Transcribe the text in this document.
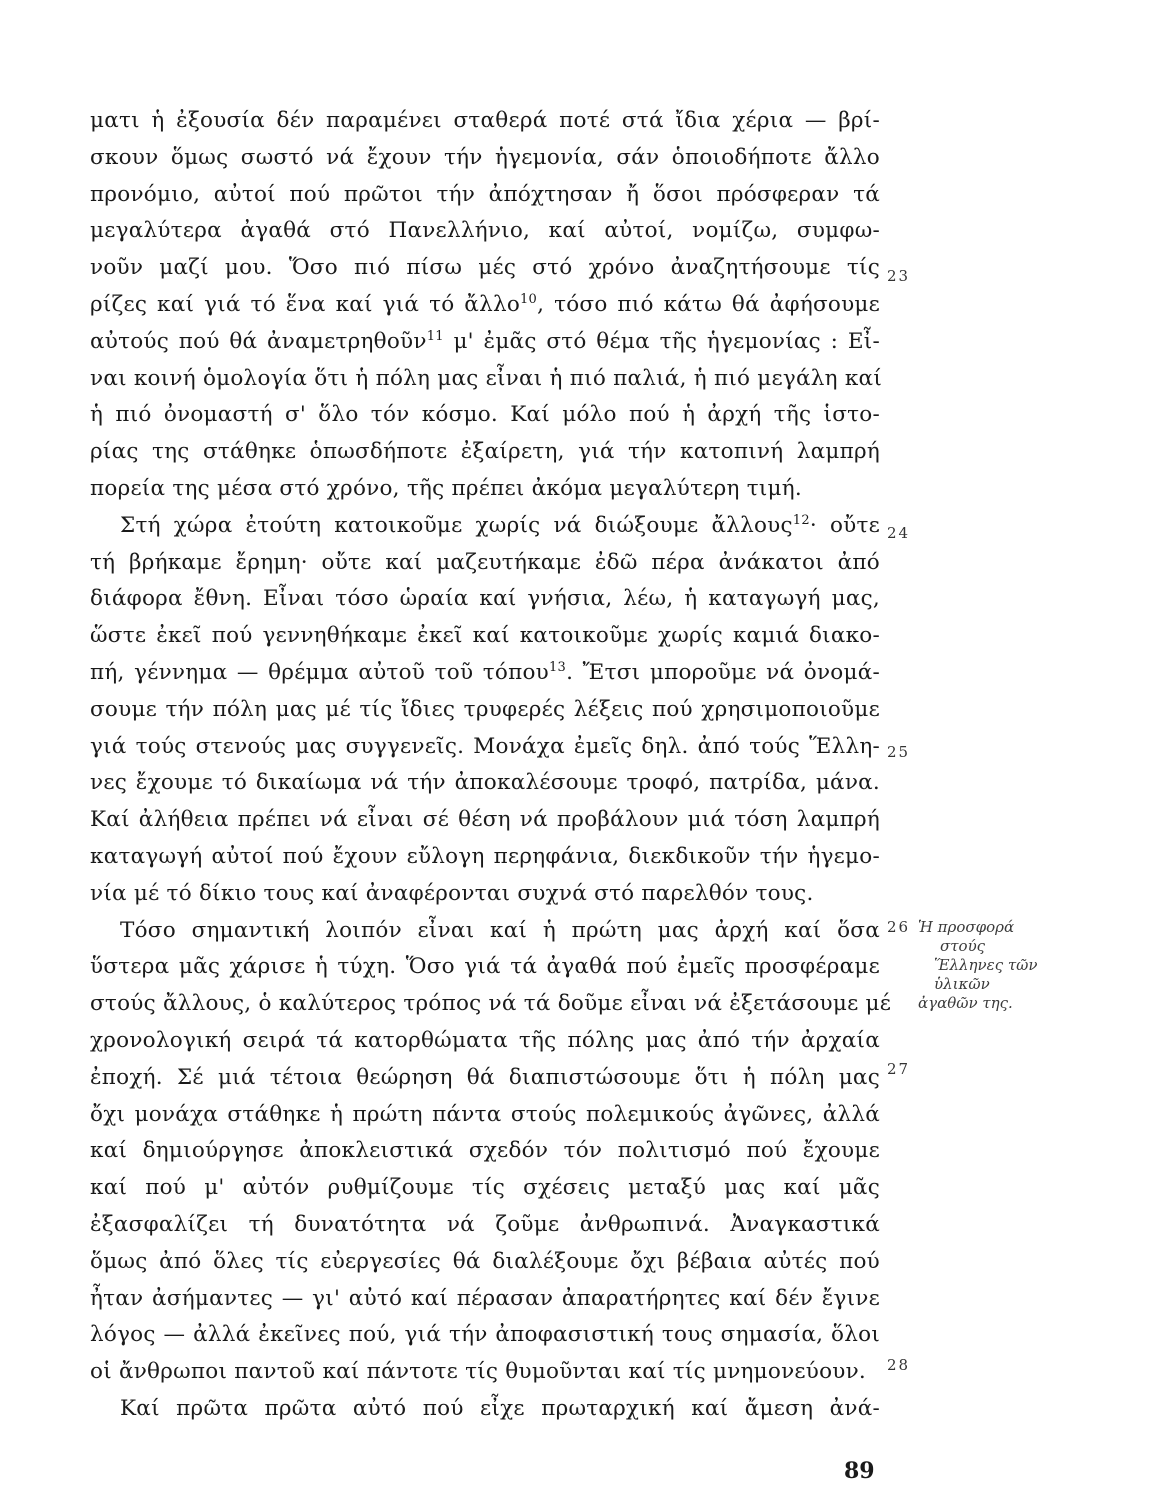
ματι ἡ ἐξουσία δέν παραμένει σταθερά ποτέ στά ἴδια χέρια — βρί-
σκουν ὅμως σωστό νά ἔχουν τήν ἡγεμονία, σάν ὁποιοδήποτε ἄλλο
προνόμιο, αὐτοί πού πρῶτοι τήν ἀπόχτησαν ἤ ὅσοι πρόσφεραν τά
μεγαλύτερα ἀγαθά στό Πανελλήνιο, καί αὐτοί, νομίζω, συμφω-
νοῦν μαζί μου. Ὅσο πιό πίσω μές στό χρόνο ἀναζητήσουμε τίς
ρίζες καί γιά τό ἕνα καί γιά τό ἄλλο$^{10}$, τόσο πιό κάτω θά ἀφήσουμε
αὐτούς πού θά ἀναμετρηθοῦν$^{11}$ μ' ἐμᾶς στό θέμα τῆς ἡγεμονίας : Εἶ-
ναι κοινή ὁμολογία ὅτι ἡ πόλη μας εἶναι ἡ πιό παλιά, ἡ πιό μεγάλη καί
ἡ πιό ὀνομαστή σ' ὅλο τόν κόσμο. Καί μόλο πού ἡ ἀρχή τῆς ἱστο-
ρίας της στάθηκε ὁπωσδήποτε ἐξαίρετη, γιά τήν κατοπινή λαμπρή
πορεία της μέσα στό χρόνο, τῆς πρέπει ἀκόμα μεγαλύτερη τιμή.
Στή χώρα ἐτούτη κατοικοῦμε χωρίς νά διώξουμε ἄλλους$^{12}$· οὔτε
τή βρήκαμε ἔρημη· οὔτε καί μαζευτήκαμε ἐδῶ πέρα ἀνάκατοι ἀπό
διάφορα ἔθνη. Εἶναι τόσο ὡραία καί γνήσια, λέω, ἡ καταγωγή μας,
ὥστε ἐκεῖ πού γεννηθήκαμε ἐκεῖ καί κατοικοῦμε χωρίς καμιά διακο-
πή, γέννημα — θρέμμα αὐτοῦ τοῦ τόπου$^{13}$. Ἔτσι μποροῦμε νά ὀνομά-
σουμε τήν πόλη μας μέ τίς ἴδιες τρυφερές λέξεις πού χρησιμοποιοῦμε
γιά τούς στενούς μας συγγενεῖς. Μονάχα ἐμεῖς δηλ. ἀπό τούς Ἕλλη-
νες ἔχουμε τό δικαίωμα νά τήν ἀποκαλέσουμε τροφό, πατρίδα, μάνα.
Καί ἀλήθεια πρέπει νά εἶναι σέ θέση νά προβάλουν μιά τόση λαμπρή
καταγωγή αὐτοί πού ἔχουν εὔλογη περηφάνια, διεκδικοῦν τήν ἡγεμο-
νία μέ τό δίκιο τους καί ἀναφέρονται συχνά στό παρελθόν τους.
Τόσο σημαντική λοιπόν εἶναι καί ἡ πρώτη μας ἀρχή καί ὅσα
ὕστερα μᾶς χάρισε ἡ τύχη. Ὅσο γιά τά ἀγαθά πού ἐμεῖς προσφέραμε
στούς ἄλλους, ὁ καλύτερος τρόπος νά τά δοῦμε εἶναι νά ἐξετάσουμε μέ
χρονολογική σειρά τά κατορθώματα τῆς πόλης μας ἀπό τήν ἀρχαία
ἐποχή. Σέ μιά τέτοια θεώρηση θά διαπιστώσουμε ὅτι ἡ πόλη μας
ὄχι μονάχα στάθηκε ἡ πρώτη πάντα στούς πολεμικούς ἀγῶνες, ἀλλά
καί δημιούργησε ἀποκλειστικά σχεδόν τόν πολιτισμό πού ἔχουμε
καί πού μ' αὐτόν ρυθμίζουμε τίς σχέσεις μεταξύ μας καί μᾶς
ἐξασφαλίζει τή δυνατότητα νά ζοῦμε ἀνθρωπινά. Ἀναγκαστικά
ὅμως ἀπό ὅλες τίς εὐεργεσίες θά διαλέξουμε ὄχι βέβαια αὐτές πού
ἦταν ἀσήμαντες — γι' αὐτό καί πέρασαν ἀπαρατήρητες καί δέν ἔγινε
λόγος — ἀλλά ἐκεῖνες πού, γιά τήν ἀποφασιστική τους σημασία, ὅλοι
οἱ ἄνθρωποι παντοῦ καί πάντοτε τίς θυμοῦνται καί τίς μνημονεύουν.
Καί πρῶτα πρῶτα αὐτό πού εἶχε πρωταρχική καί ἄμεση ἀνά-
23
24
25
26
27
28
Ἡ προσφορά
στούς
Ἕλληνες τῶν
ὑλικῶν
ἀγαθῶν της.
89
